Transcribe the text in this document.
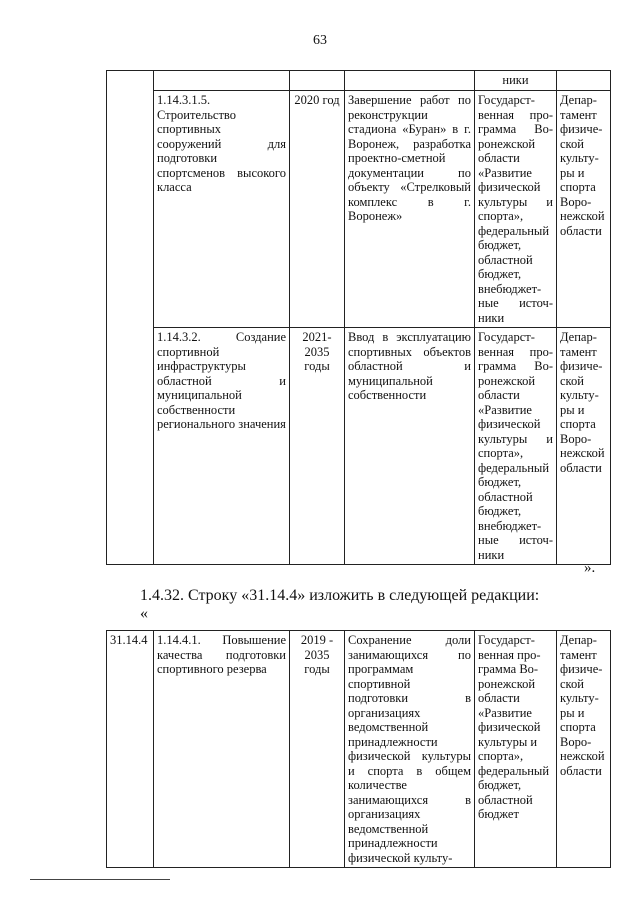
63
				ники	
	1.14.3.1.5. Строительство спортивных сооружений для подготовки спортсменов высокого класса	2020 год	Завершение работ по реконструкции стадиона «Буран» в г. Воронеж, разработка проектно-сметной документации по объекту «Стрелковый комплекс в г. Воронеж»	Государст-венная про-грамма Во-ронежской области «Развитие физической культуры и спорта», федеральный бюджет, областной бюджет, внебюджет-ные источ-ники	Депар-тамент физиче-ской культу-ры и спорта Воро-нежской области
	1.14.3.2. Создание спортивной инфраструктуры областной и муниципальной собственности регионального значения	2021-2035 годы	Ввод в эксплуатацию спортивных объектов областной и муниципальной собственности	Государст-венная про-грамма Во-ронежской области «Развитие физической культуры и спорта», федеральный бюджет, областной бюджет, внебюджет-ные источ-ники	Депар-тамент физиче-ской культу-ры и спорта Воро-нежской области
».
1.4.32. Строку «31.14.4» изложить в следующей редакции:
«
31.14.4	1.14.4.1. Повышение качества подготовки спортивного резерва	2019 - 2035 годы	Сохранение доли занимающихся по программам спортивной подготовки в организациях ведомственной принадлежности физической культуры и спорта в общем количестве занимающихся в организациях ведомственной принадлежности физической культу-	Государст-венная про-грамма Во-ронежской области «Развитие физической культуры и спорта», федеральный бюджет, областной бюджет	Депар-тамент физиче-ской культу-ры и спорта Воро-нежской области
